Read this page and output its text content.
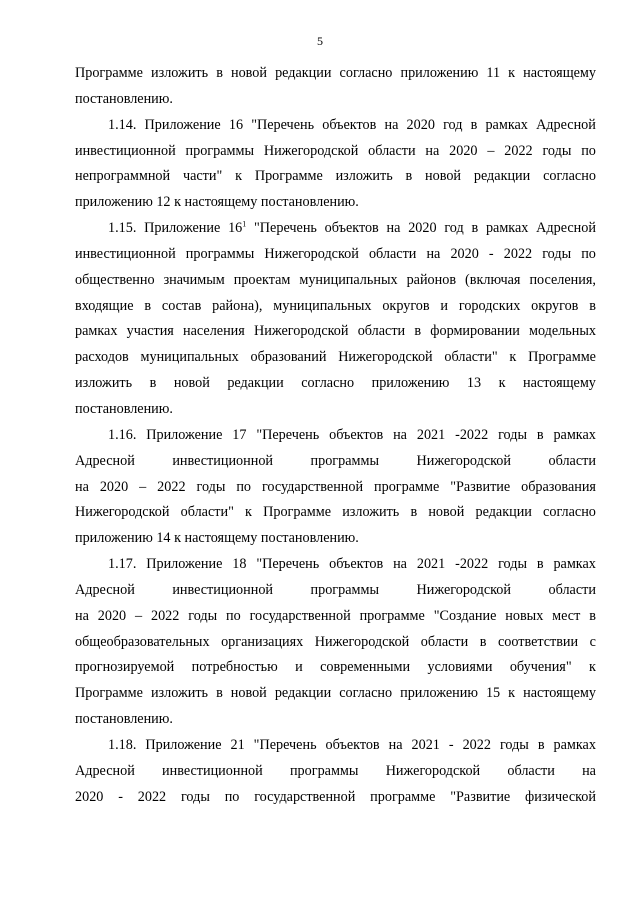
5
Программе изложить в новой редакции согласно приложению 11 к настоящему
постановлению.
1.14. Приложение 16 "Перечень объектов на 2020 год в рамках Адресной
инвестиционной программы Нижегородской области на 2020 – 2022 годы по
непрограммной части" к Программе изложить в новой редакции согласно
приложению 12 к настоящему постановлению.
1.15. Приложение $16^1$ "Перечень объектов на 2020 год в рамках Адресной
инвестиционной программы Нижегородской области на 2020 - 2022 годы по
общественно значимым проектам муниципальных районов (включая поселения,
входящие в состав района), муниципальных округов и городских округов в
рамках участия населения Нижегородской области в формировании модельных
расходов муниципальных образований Нижегородской области" к Программе
изложить в новой редакции согласно приложению 13 к настоящему
постановлению.
1.16. Приложение 17 "Перечень объектов на 2021 -2022 годы в рамках
Адресной	инвестиционной	программы	Нижегородской	области
на 2020 – 2022 годы по государственной программе "Развитие образования
Нижегородской области" к Программе изложить в новой редакции согласно
приложению 14 к настоящему постановлению.
1.17. Приложение 18 "Перечень объектов на 2021 -2022 годы в рамках
Адресной	инвестиционной	программы	Нижегородской	области
на 2020 – 2022 годы по государственной программе "Создание новых мест в
общеобразовательных организациях Нижегородской области в соответствии с
прогнозируемой потребностью и современными условиями обучения" к
Программе изложить в новой редакции согласно приложению 15 к настоящему
постановлению.
1.18. Приложение 21 "Перечень объектов на 2021 - 2022 годы в рамках
Адресной инвестиционной программы Нижегородской области на
2020 - 2022 годы по государственной программе "Развитие физической
